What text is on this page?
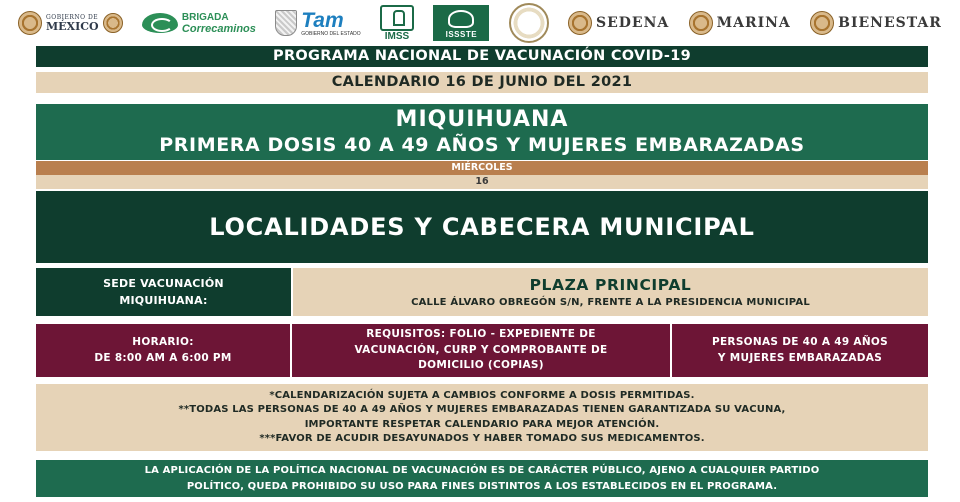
GOBIERNO DE
MÉXICO
BRIGADA
Correcaminos Tam
GOBIERNO DEL ESTADO IMSS	ISSSTE
SEDENA	MARINA	BIENESTAR
PROGRAMA NACIONAL DE VACUNACIÓN COVID-19
CALENDARIO 16 DE JUNIO DEL 2021
MIQUIHUANA
PRIMERA DOSIS 40 A 49 AÑOS Y MUJERES EMBARAZADAS
MIÉRCOLES
16
LOCALIDADES Y CABECERA MUNICIPAL
SEDE VACUNACIÓN
MIQUIHUANA:
PLAZA PRINCIPAL
CALLE ÁLVARO OBREGÓN S/N, FRENTE A LA PRESIDENCIA MUNICIPAL
HORARIO:
DE 8:00 AM A 6:00 PM
REQUISITOS: FOLIO - EXPEDIENTE DE
VACUNACIÓN, CURP Y COMPROBANTE DE
DOMICILIO (COPIAS)
PERSONAS DE 40 A 49 AÑOS
Y MUJERES EMBARAZADAS
*CALENDARIZACIÓN SUJETA A CAMBIOS CONFORME A DOSIS PERMITIDAS.
**TODAS LAS PERSONAS DE 40 A 49 AÑOS Y MUJERES EMBARAZADAS TIENEN GARANTIZADA SU VACUNA,
IMPORTANTE RESPETAR CALENDARIO PARA MEJOR ATENCIÓN.
***FAVOR DE ACUDIR DESAYUNADOS Y HABER TOMADO SUS MEDICAMENTOS.
LA APLICACIÓN DE LA POLÍTICA NACIONAL DE VACUNACIÓN ES DE CARÁCTER PÚBLICO, AJENO A CUALQUIER PARTIDO
POLÍTICO, QUEDA PROHIBIDO SU USO PARA FINES DISTINTOS A LOS ESTABLECIDOS EN EL PROGRAMA.
